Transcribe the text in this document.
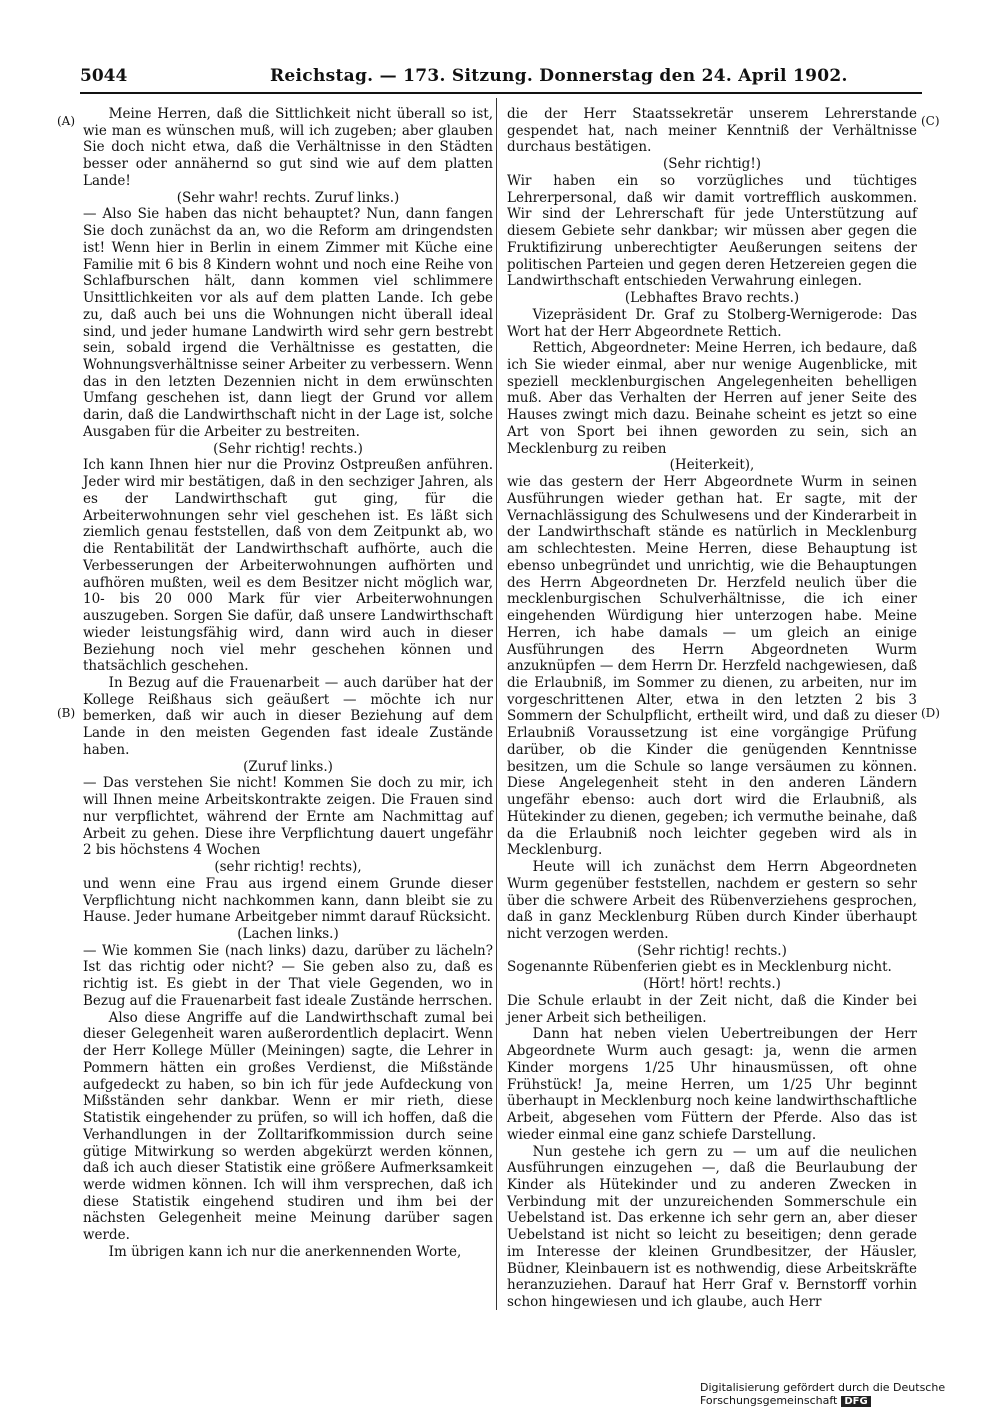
5044	Reichstag. — 173. Sitzung. Donnerstag den 24. April 1902.
(A)
(B)
(C)
(D)

Meine Herren, daß die Sittlichkeit nicht überall so ist, wie man es wünschen muß, will ich zugeben; aber glauben Sie doch nicht etwa, daß die Verhältnisse in den Städten besser oder annähernd so gut sind wie auf dem platten Lande!

(Sehr wahr! rechts. Zuruf links.)

— Also Sie haben das nicht behauptet? Nun, dann fangen Sie doch zunächst da an, wo die Reform am dringendsten ist! Wenn hier in Berlin in einem Zimmer mit Küche eine Familie mit 6 bis 8 Kindern wohnt und noch eine Reihe von Schlafburschen hält, dann kommen viel schlimmere Unsittlichkeiten vor als auf dem platten Lande. Ich gebe zu, daß auch bei uns die Wohnungen nicht überall ideal sind, und jeder humane Landwirth wird sehr gern bestrebt sein, sobald irgend die Verhältnisse es gestatten, die Wohnungsverhältnisse seiner Arbeiter zu verbessern. Wenn das in den letzten Dezennien nicht in dem erwünschten Umfang geschehen ist, dann liegt der Grund vor allem darin, daß die Landwirthschaft nicht in der Lage ist, solche Ausgaben für die Arbeiter zu bestreiten.

(Sehr richtig! rechts.)

Ich kann Ihnen hier nur die Provinz Ostpreußen anführen. Jeder wird mir bestätigen, daß in den sechziger Jahren, als es der Landwirthschaft gut ging, für die Arbeiterwohnungen sehr viel geschehen ist. Es läßt sich ziemlich genau feststellen, daß von dem Zeitpunkt ab, wo die Rentabilität der Landwirthschaft aufhörte, auch die Verbesserungen der Arbeiterwohnungen aufhörten und aufhören mußten, weil es dem Besitzer nicht möglich war, 10- bis 20 000 Mark für vier Arbeiterwohnungen auszugeben. Sorgen Sie dafür, daß unsere Landwirthschaft wieder leistungsfähig wird, dann wird auch in dieser Beziehung noch viel mehr geschehen können und thatsächlich geschehen.

In Bezug auf die Frauenarbeit — auch darüber hat der Kollege Reißhaus sich geäußert — möchte ich nur bemerken, daß wir auch in dieser Beziehung auf dem Lande in den meisten Gegenden fast ideale Zustände haben.

(Zuruf links.)

— Das verstehen Sie nicht! Kommen Sie doch zu mir, ich will Ihnen meine Arbeitskontrakte zeigen. Die Frauen sind nur verpflichtet, während der Ernte am Nachmittag auf Arbeit zu gehen. Diese ihre Verpflichtung dauert ungefähr 2 bis höchstens 4 Wochen

(sehr richtig! rechts),

und wenn eine Frau aus irgend einem Grunde dieser Verpflichtung nicht nachkommen kann, dann bleibt sie zu Hause. Jeder humane Arbeitgeber nimmt darauf Rücksicht.

(Lachen links.)

— Wie kommen Sie (nach links) dazu, darüber zu lächeln? Ist das richtig oder nicht? — Sie geben also zu, daß es richtig ist. Es giebt in der That viele Gegenden, wo in Bezug auf die Frauenarbeit fast ideale Zustände herrschen.

Also diese Angriffe auf die Landwirthschaft zumal bei dieser Gelegenheit waren außerordentlich deplacirt. Wenn der Herr Kollege Müller (Meiningen) sagte, die Lehrer in Pommern hätten ein großes Verdienst, die Mißstände aufgedeckt zu haben, so bin ich für jede Aufdeckung von Mißständen sehr dankbar. Wenn er mir rieth, diese Statistik eingehender zu prüfen, so will ich hoffen, daß die Verhandlungen in der Zolltarifkommission durch seine gütige Mitwirkung so werden abgekürzt werden können, daß ich auch dieser Statistik eine größere Aufmerksamkeit werde widmen können. Ich will ihm versprechen, daß ich diese Statistik eingehend studiren und ihm bei der nächsten Gelegenheit meine Meinung darüber sagen werde.

Im übrigen kann ich nur die anerkennenden Worte,

die der Herr Staatssekretär unserem Lehrerstande gespendet hat, nach meiner Kenntniß der Verhältnisse durchaus bestätigen.

(Sehr richtig!)

Wir haben ein so vorzügliches und tüchtiges Lehrerpersonal, daß wir damit vortrefflich auskommen. Wir sind der Lehrerschaft für jede Unterstützung auf diesem Gebiete sehr dankbar; wir müssen aber gegen die Fruktifizirung unberechtigter Aeußerungen seitens der politischen Parteien und gegen deren Hetzereien gegen die Landwirthschaft entschieden Verwahrung einlegen.

(Lebhaftes Bravo rechts.)

Vizepräsident Dr. Graf zu Stolberg-Wernigerode: Das Wort hat der Herr Abgeordnete Rettich.

Rettich, Abgeordneter: Meine Herren, ich bedaure, daß ich Sie wieder einmal, aber nur wenige Augenblicke, mit speziell mecklenburgischen Angelegenheiten behelligen muß. Aber das Verhalten der Herren auf jener Seite des Hauses zwingt mich dazu. Beinahe scheint es jetzt so eine Art von Sport bei ihnen geworden zu sein, sich an Mecklenburg zu reiben

(Heiterkeit),

wie das gestern der Herr Abgeordnete Wurm in seinen Ausführungen wieder gethan hat. Er sagte, mit der Vernachlässigung des Schulwesens und der Kinderarbeit in der Landwirthschaft stände es natürlich in Mecklenburg am schlechtesten. Meine Herren, diese Behauptung ist ebenso unbegründet und unrichtig, wie die Behauptungen des Herrn Abgeordneten Dr. Herzfeld neulich über die mecklenburgischen Schulverhältnisse, die ich einer eingehenden Würdigung hier unterzogen habe. Meine Herren, ich habe damals — um gleich an einige Ausführungen des Herrn Abgeordneten Wurm anzuknüpfen — dem Herrn Dr. Herzfeld nachgewiesen, daß die Erlaubniß, im Sommer zu dienen, zu arbeiten, nur im vorgeschrittenen Alter, etwa in den letzten 2 bis 3 Sommern der Schulpflicht, ertheilt wird, und daß zu dieser Erlaubniß Voraussetzung ist eine vorgängige Prüfung darüber, ob die Kinder die genügenden Kenntnisse besitzen, um die Schule so lange versäumen zu können. Diese Angelegenheit steht in den anderen Ländern ungefähr ebenso: auch dort wird die Erlaubniß, als Hütekinder zu dienen, gegeben; ich vermuthe beinahe, daß da die Erlaubniß noch leichter gegeben wird als in Mecklenburg.

Heute will ich zunächst dem Herrn Abgeordneten Wurm gegenüber feststellen, nachdem er gestern so sehr über die schwere Arbeit des Rübenverziehens gesprochen, daß in ganz Mecklenburg Rüben durch Kinder überhaupt nicht verzogen werden.

(Sehr richtig! rechts.)

Sogenannte Rübenferien giebt es in Mecklenburg nicht.

(Hört! hört! rechts.)

Die Schule erlaubt in der Zeit nicht, daß die Kinder bei jener Arbeit sich betheiligen.

Dann hat neben vielen Uebertreibungen der Herr Abgeordnete Wurm auch gesagt: ja, wenn die armen Kinder morgens 1/25 Uhr hinausmüssen, oft ohne Frühstück! Ja, meine Herren, um 1/25 Uhr beginnt überhaupt in Mecklenburg noch keine landwirthschaftliche Arbeit, abgesehen vom Füttern der Pferde. Also das ist wieder einmal eine ganz schiefe Darstellung.

Nun gestehe ich gern zu — um auf die neulichen Ausführungen einzugehen —, daß die Beurlaubung der Kinder als Hütekinder und zu anderen Zwecken in Verbindung mit der unzureichenden Sommerschule ein Uebelstand ist. Das erkenne ich sehr gern an, aber dieser Uebelstand ist nicht so leicht zu beseitigen; denn gerade im Interesse der kleinen Grundbesitzer, der Häusler, Büdner, Kleinbauern ist es nothwendig, diese Arbeitskräfte heranzuziehen. Darauf hat Herr Graf v. Bernstorff vorhin schon hingewiesen und ich glaube, auch Herr

Digitalisierung gefördert durch die Deutsche Forschungsgemeinschaft DFG
